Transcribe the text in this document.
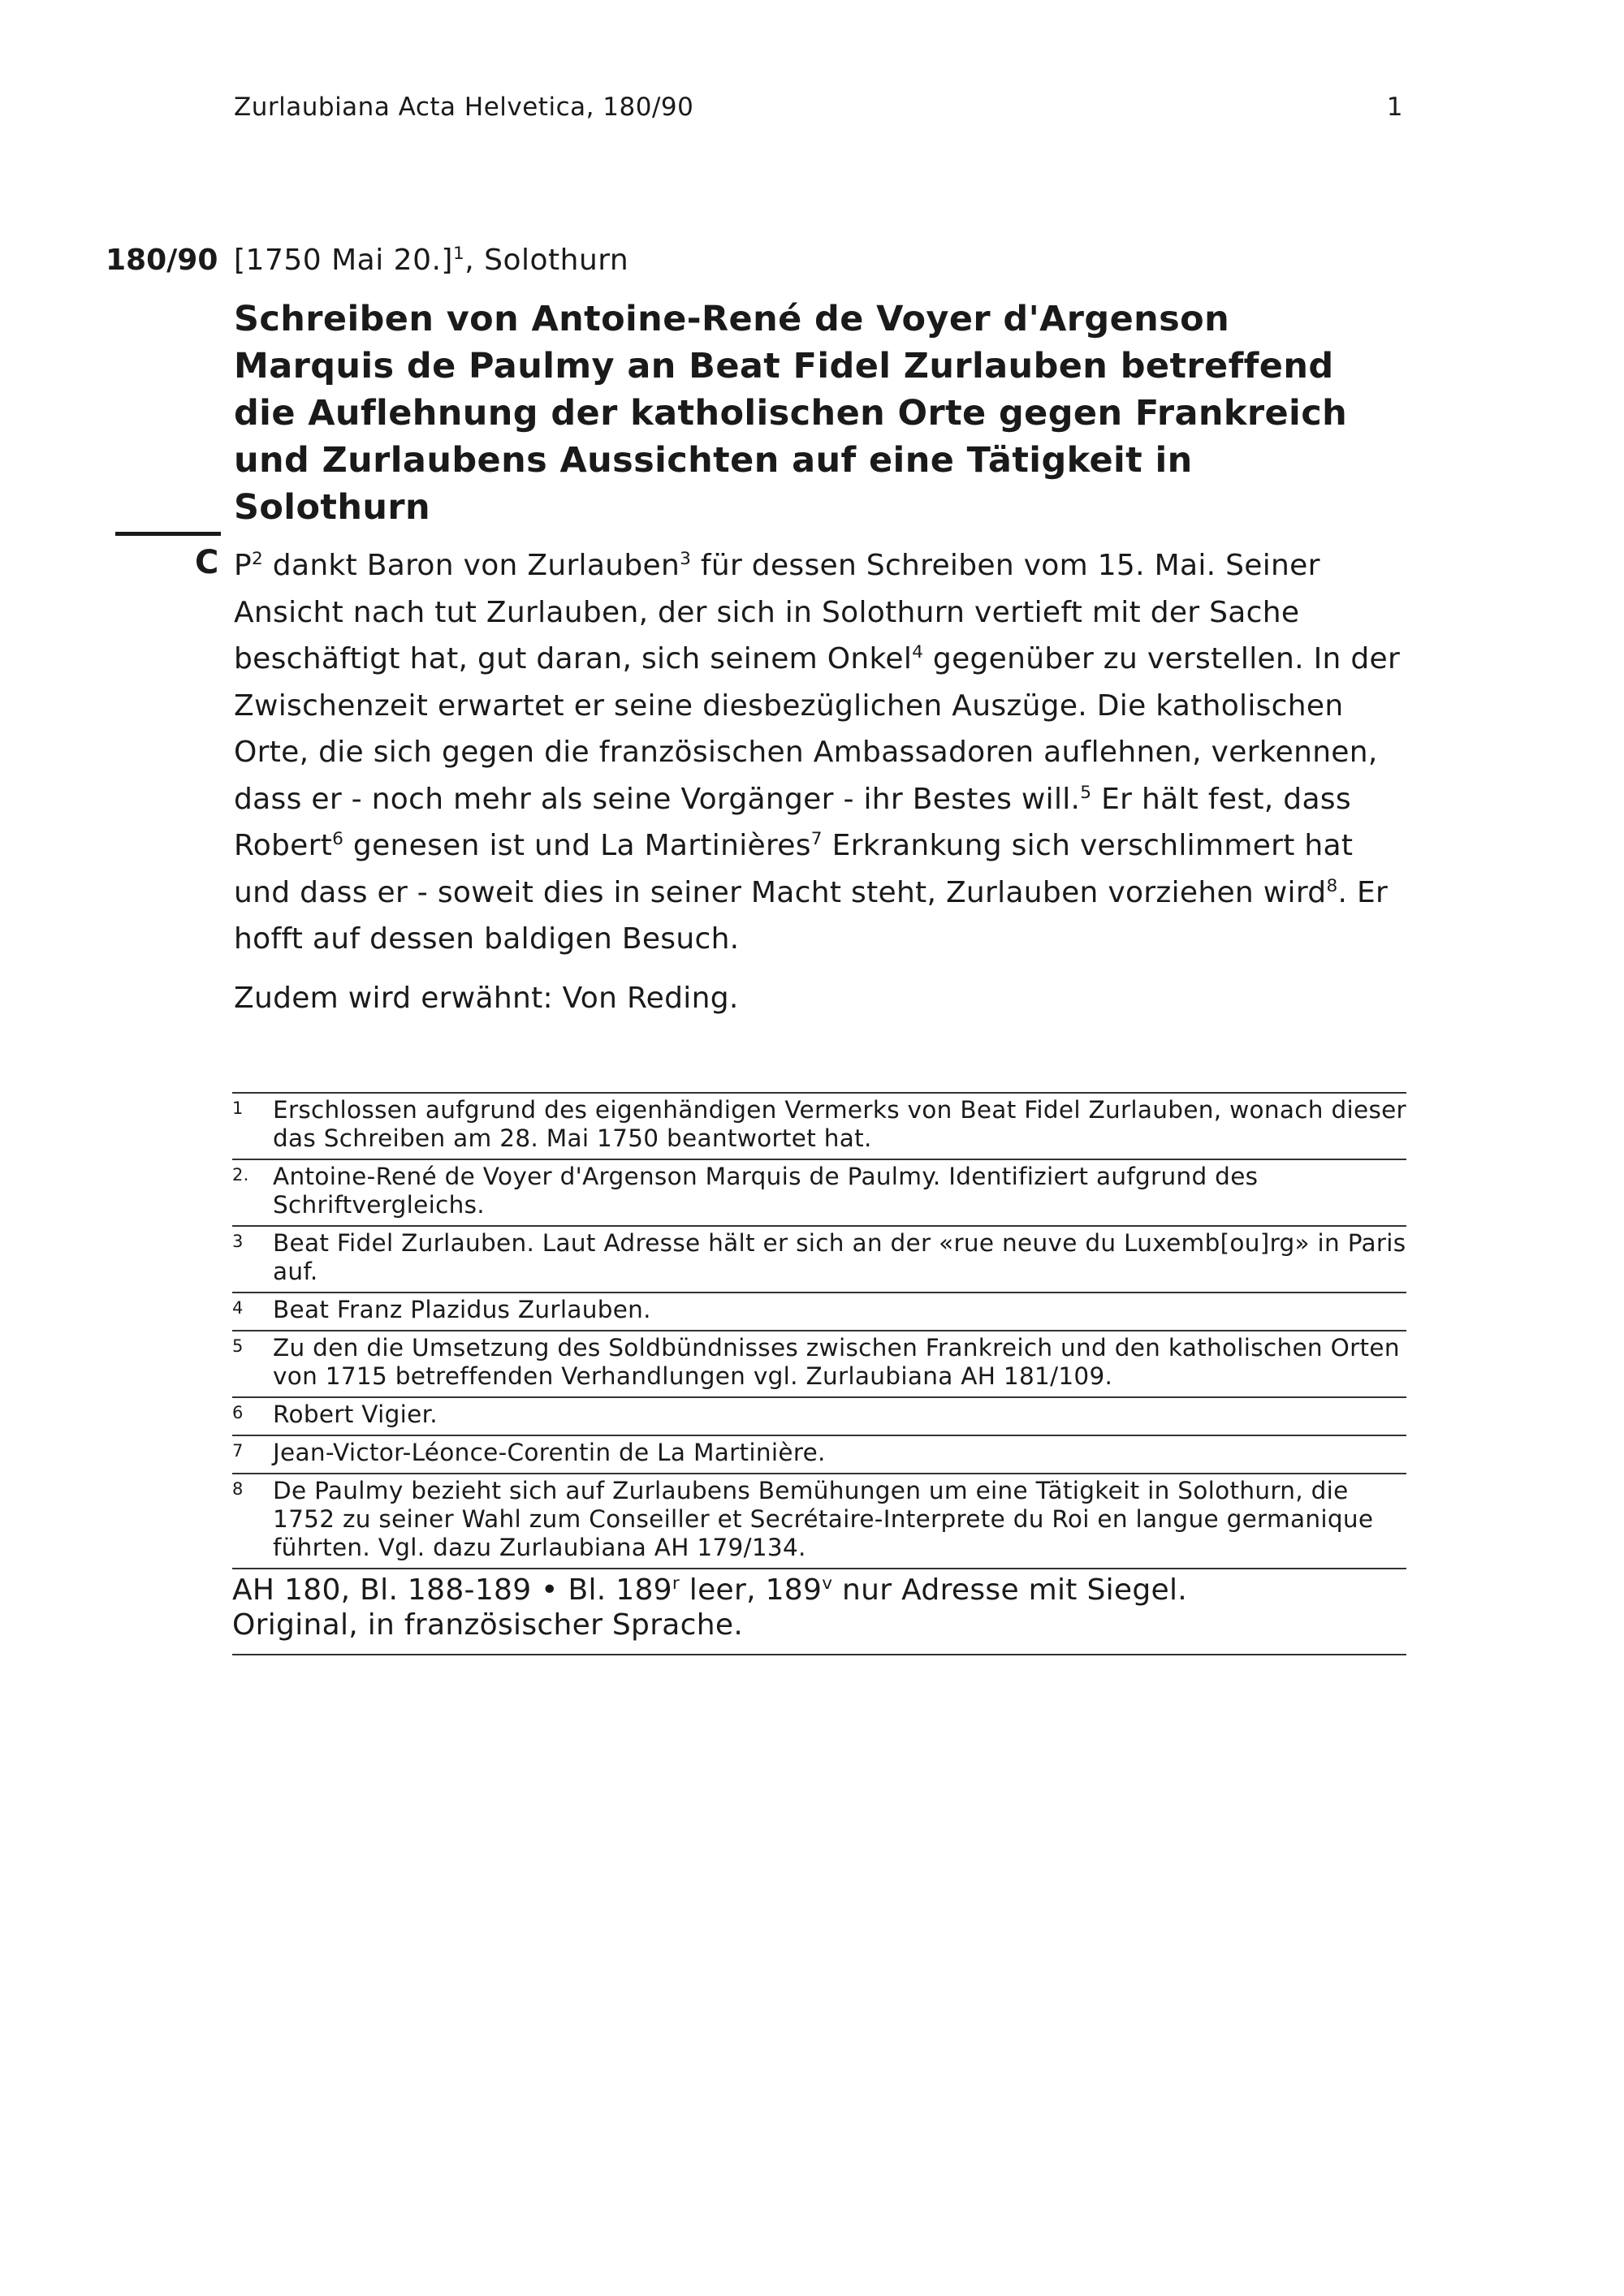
Zurlaubiana Acta Helvetica, 180/90	1
180/90 [1750 Mai 20.]$^1$, Solothurn
Schreiben von Antoine-René de Voyer d'Argenson Marquis de Paulmy an Beat Fidel Zurlauben betreffend die Auflehnung der katholischen Orte gegen Frankreich und Zurlaubens Aussichten auf eine Tätigkeit in Solothurn
C $P^2$ dankt Baron von Zurlauben$^3$ für dessen Schreiben vom 15. Mai. Seiner Ansicht nach tut Zurlauben, der sich in Solothurn vertieft mit der Sache beschäftigt hat, gut daran, sich seinem Onkel$^4$ gegenüber zu verstellen. In der Zwischenzeit erwartet er seine diesbezüglichen Auszüge. Die katholischen Orte, die sich gegen die französischen Ambassadoren auflehnen, verkennen, dass er - noch mehr als seine Vorgänger - ihr Bestes will.$^5$ Er hält fest, dass Robert$^6$ genesen ist und La Martinières$^7$ Erkrankung sich verschlimmert hat und dass er - soweit dies in seiner Macht steht, Zurlauben vorziehen wird$^8$. Er hofft auf dessen baldigen Besuch.

Zudem wird erwähnt: Von Reding.

1 Erschlossen aufgrund des eigenhändigen Vermerks von Beat Fidel Zurlauben, wonach dieser das Schreiben am 28. Mai 1750 beantwortet hat.
2. Antoine-René de Voyer d'Argenson Marquis de Paulmy. Identifiziert aufgrund des Schriftvergleichs.
3 Beat Fidel Zurlauben. Laut Adresse hält er sich an der «rue neuve du Luxemb[ou]rg» in Paris auf.
4 Beat Franz Plazidus Zurlauben.
5 Zu den die Umsetzung des Soldbündnisses zwischen Frankreich und den katholischen Orten von 1715 betreffenden Verhandlungen vgl. Zurlaubiana AH 181/109.
6 Robert Vigier.
7 Jean-Victor-Léonce-Corentin de La Martinière.
8 De Paulmy bezieht sich auf Zurlaubens Bemühungen um eine Tätigkeit in Solothurn, die 1752 zu seiner Wahl zum Conseiller et Secrétaire-Interprete du Roi en langue germanique führten. Vgl. dazu Zurlaubiana AH 179/134.
AH 180, Bl. 188-189 • Bl. 189$^r$ leer, 189$^v$ nur Adresse mit Siegel.
Original, in französischer Sprache.
